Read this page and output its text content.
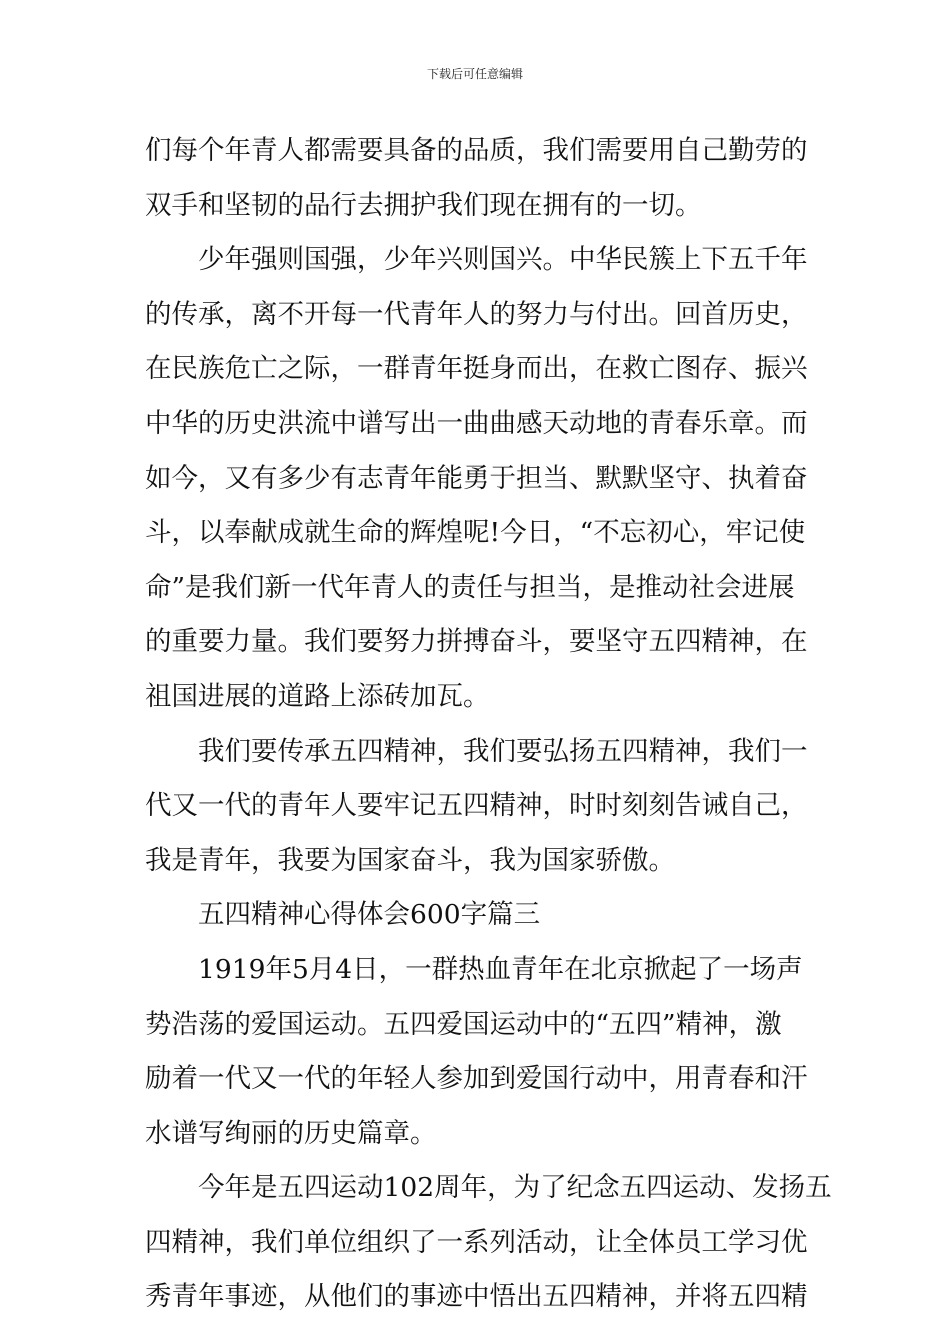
下载后可任意编辑
们每个年青人都需要具备的品质，我们需要用自己勤劳的
双手和坚韧的品行去拥护我们现在拥有的一切。
少年强则国强，少年兴则国兴。中华民簇上下五千年
的传承，离不开每一代青年人的努力与付出。回首历史，
在民族危亡之际，一群青年挺身而出，在救亡图存、振兴
中华的历史洪流中谱写出一曲曲感天动地的青春乐章。而
如今，又有多少有志青年能勇于担当、默默坚守、执着奋
斗，以奉献成就生命的辉煌呢!今日，“不忘初心，牢记使
命”是我们新一代年青人的责任与担当，是推动社会进展
的重要力量。我们要努力拼搏奋斗，要坚守五四精神，在
祖国进展的道路上添砖加瓦。
我们要传承五四精神，我们要弘扬五四精神，我们一
代又一代的青年人要牢记五四精神，时时刻刻告诫自己，
我是青年，我要为国家奋斗，我为国家骄傲。
五四精神心得体会600字篇三
1919年5月4日，一群热血青年在北京掀起了一场声
势浩荡的爱国运动。五四爱国运动中的“五四”精神，激
励着一代又一代的年轻人参加到爱国行动中，用青春和汗
水谱写绚丽的历史篇章。
今年是五四运动102周年，为了纪念五四运动、发扬五
四精神，我们单位组织了一系列活动，让全体员工学习优
秀青年事迹，从他们的事迹中悟出五四精神，并将五四精
